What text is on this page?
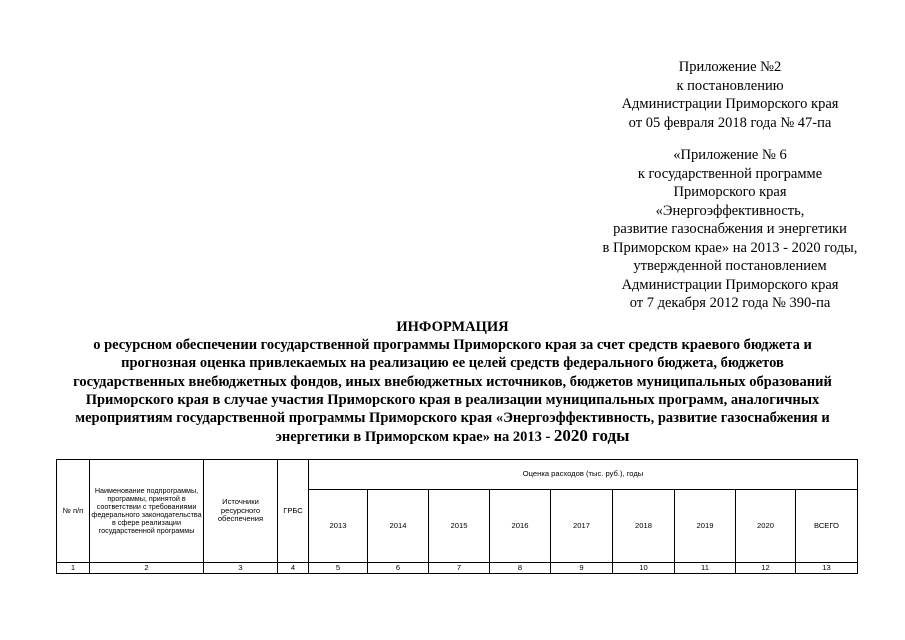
Приложение №2
к постановлению
Администрации Приморского края
от 05 февраля 2018 года № 47-па
«Приложение № 6
к государственной программе
Приморского края
«Энергоэффективность,
развитие газоснабжения и энергетики
в Приморском крае» на 2013 - 2020 годы,
утвержденной постановлением
Администрации Приморского края
от 7 декабря 2012 года № 390-па
ИНФОРМАЦИЯ
о ресурсном обеспечении государственной программы Приморского края за счет средств краевого бюджета и
прогнозная оценка привлекаемых на реализацию ее целей средств федерального бюджета, бюджетов
государственных внебюджетных фондов, иных внебюджетных источников, бюджетов муниципальных образований
Приморского края в случае участия Приморского края в реализации муниципальных программ, аналогичных
мероприятиям государственной программы Приморского края «Энергоэффективность, развитие газоснабжения и
энергетики в Приморском крае» на 2013 - 2020 годы
№ п/п	Наименование подпрограммы, программы, принятой в соответствии с требованиями федерального законодательства в сфере реализации государственной программы	Источники ресурсного обеспечения	ГРБС	Оценка расходов (тыс. руб.), годы								
				2013	2014	2015	2016	2017	2018	2019	2020	ВСЕГО
1	2	3	4	5	6	7	8	9	10	11	12	13
